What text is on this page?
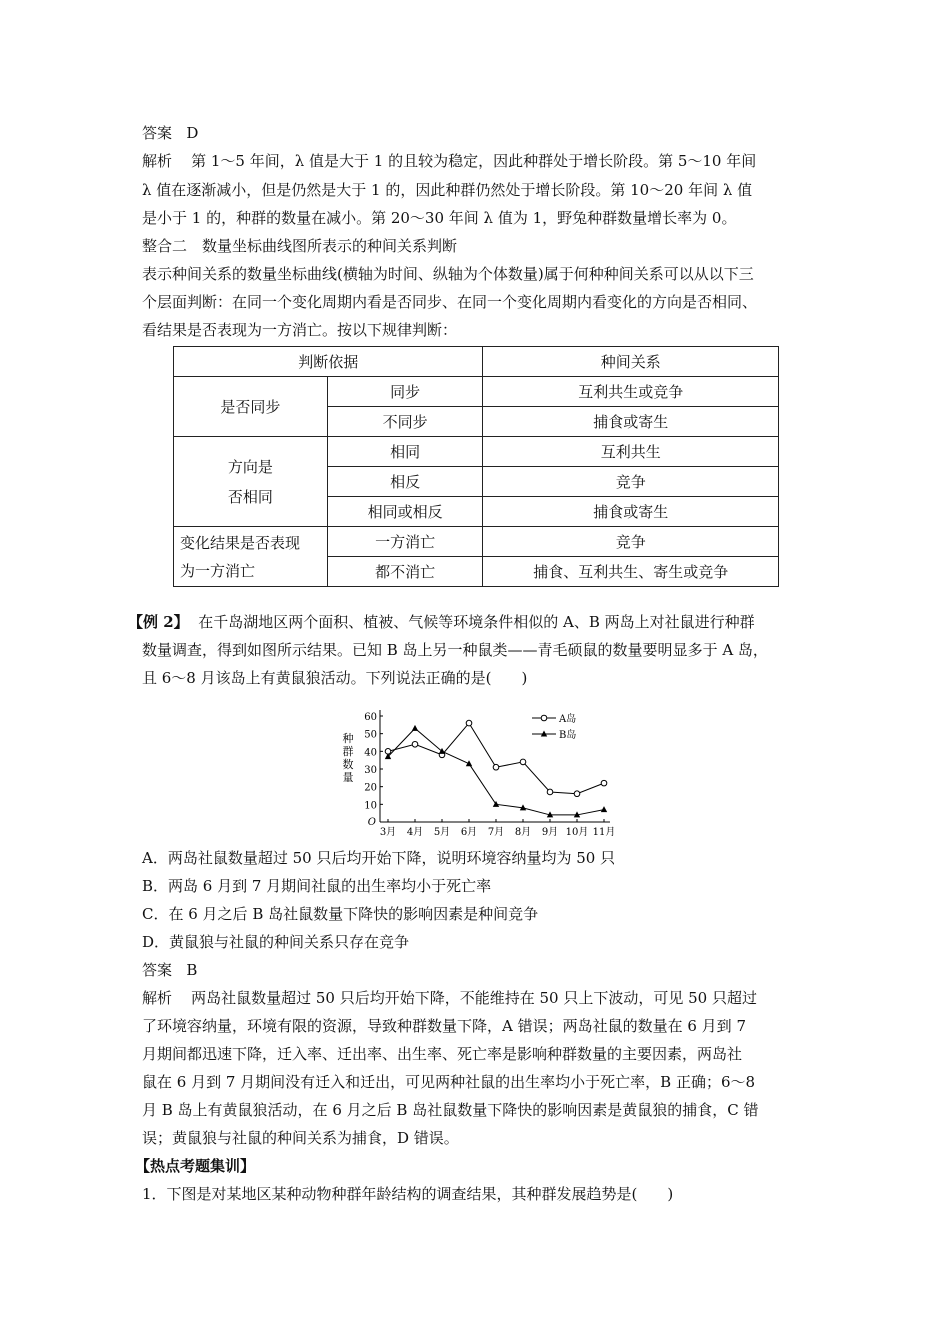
答案 D
解析 第 1～5 年间，λ 值是大于 1 的且较为稳定，因此种群处于增长阶段。第 5～10 年间
λ 值在逐渐减小，但是仍然是大于 1 的，因此种群仍然处于增长阶段。第 10～20 年间 λ 值
是小于 1 的，种群的数量在减小。第 20～30 年间 λ 值为 1，野兔种群数量增长率为 0。
整合二　数量坐标曲线图所表示的种间关系判断
表示种间关系的数量坐标曲线(横轴为时间、纵轴为个体数量)属于何种种间关系可以从以下三
个层面判断：在同一个变化周期内看是否同步、在同一个变化周期内看变化的方向是否相同、
看结果是否表现为一方消亡。按以下规律判断：
判断依据		种间关系
是否同步	同步	互利共生或竞争
	不同步	捕食或寄生
方向是
否相同	相同	互利共生
	相反	竞争
	相同或相反	捕食或寄生
变化结果是否表现
为一方消亡	一方消亡	竞争
	都不消亡	捕食、互利共生、寄生或竞争
【例 2】 在千岛湖地区两个面积、植被、气候等环境条件相似的 A、B 两岛上对社鼠进行种群
数量调查，得到如图所示结果。已知 B 岛上另一种鼠类——青毛硕鼠的数量要明显多于 A 岛，
且 6～8 月该岛上有黄鼠狼活动。下列说法正确的是(　　)
10
20
30
40
50
60
O
种
群
数
量
3月 4月 5月 6月 7月 8月 9月 10月 11月
A岛
B岛
A．两岛社鼠数量超过 50 只后均开始下降，说明环境容纳量均为 50 只
B．两岛 6 月到 7 月期间社鼠的出生率均小于死亡率
C．在 6 月之后 B 岛社鼠数量下降快的影响因素是种间竞争
D．黄鼠狼与社鼠的种间关系只存在竞争
答案 B
解析 两岛社鼠数量超过 50 只后均开始下降，不能维持在 50 只上下波动，可见 50 只超过
了环境容纳量，环境有限的资源，导致种群数量下降，A 错误；两岛社鼠的数量在 6 月到 7
月期间都迅速下降，迁入率、迁出率、出生率、死亡率是影响种群数量的主要因素，两岛社
鼠在 6 月到 7 月期间没有迁入和迁出，可见两种社鼠的出生率均小于死亡率，B 正确；6～8
月 B 岛上有黄鼠狼活动，在 6 月之后 B 岛社鼠数量下降快的影响因素是黄鼠狼的捕食，C 错
误；黄鼠狼与社鼠的种间关系为捕食，D 错误。
【热点考题集训】
1．下图是对某地区某种动物种群年龄结构的调查结果，其种群发展趋势是(　　)
